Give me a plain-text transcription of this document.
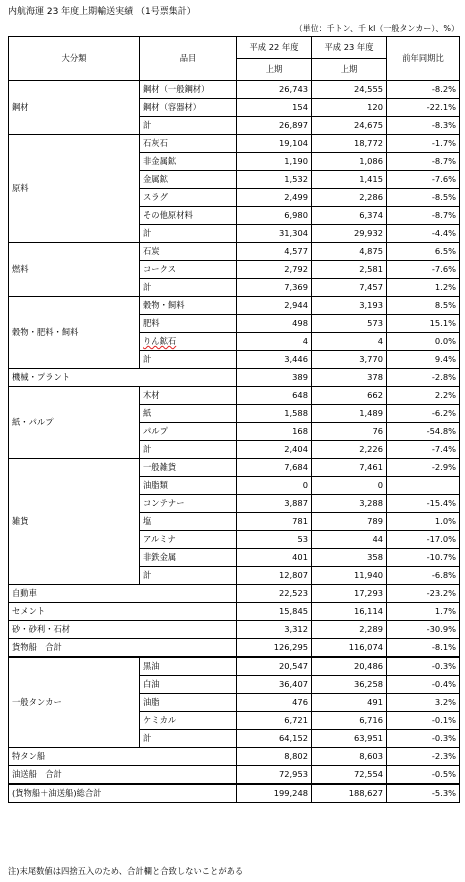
内航海運 23 年度上期輸送実績 （1号票集計）
（単位：千トン、千 kl（一般タンカー）、%）
大分類	品目	平成 22 年度	平成 23 年度	前年同期比
		上期	上期	
鋼材	鋼材（一般鋼材）	26,743	24,555	-8.2%
	鋼材（容器材）	154	120	-22.1%
	計	26,897	24,675	-8.3%
原料	石灰石	19,104	18,772	-1.7%
	非金属鉱	1,190	1,086	-8.7%
	金属鉱	1,532	1,415	-7.6%
	スラグ	2,499	2,286	-8.5%
	その他原材料	6,980	6,374	-8.7%
	計	31,304	29,932	-4.4%
燃料	石炭	4,577	4,875	6.5%
	コークス	2,792	2,581	-7.6%
	計	7,369	7,457	1.2%
穀物・肥料・飼料	穀物・飼料	2,944	3,193	8.5%
	肥料	498	573	15.1%
	りん鉱石	4	4	0.0%
	計	3,446	3,770	9.4%
機械・プラント		389	378	-2.8%
紙・パルプ	木材	648	662	2.2%
	紙	1,588	1,489	-6.2%
	パルプ	168	76	-54.8%
	計	2,404	2,226	-7.4%
雑貨	一般雑貨	7,684	7,461	-2.9%
	油脂類	0	0	
	コンテナー	3,887	3,288	-15.4%
	塩	781	789	1.0%
	アルミナ	53	44	-17.0%
	非鉄金属	401	358	-10.7%
	計	12,807	11,940	-6.8%
自動車		22,523	17,293	-23.2%
セメント		15,845	16,114	1.7%
砂・砂利・石材		3,312	2,289	-30.9%
貨物船　合計		126,295	116,074	-8.1%
一般タンカー	黒油	20,547	20,486	-0.3%
	白油	36,407	36,258	-0.4%
	油脂	476	491	3.2%
	ケミカル	6,721	6,716	-0.1%
	計	64,152	63,951	-0.3%
特タン船		8,802	8,603	-2.3%
油送船　合計		72,953	72,554	-0.5%
(貨物船＋油送船)総合計		199,248	188,627	-5.3%
注)末尾数値は四捨五入のため、合計欄と合致しないことがある
